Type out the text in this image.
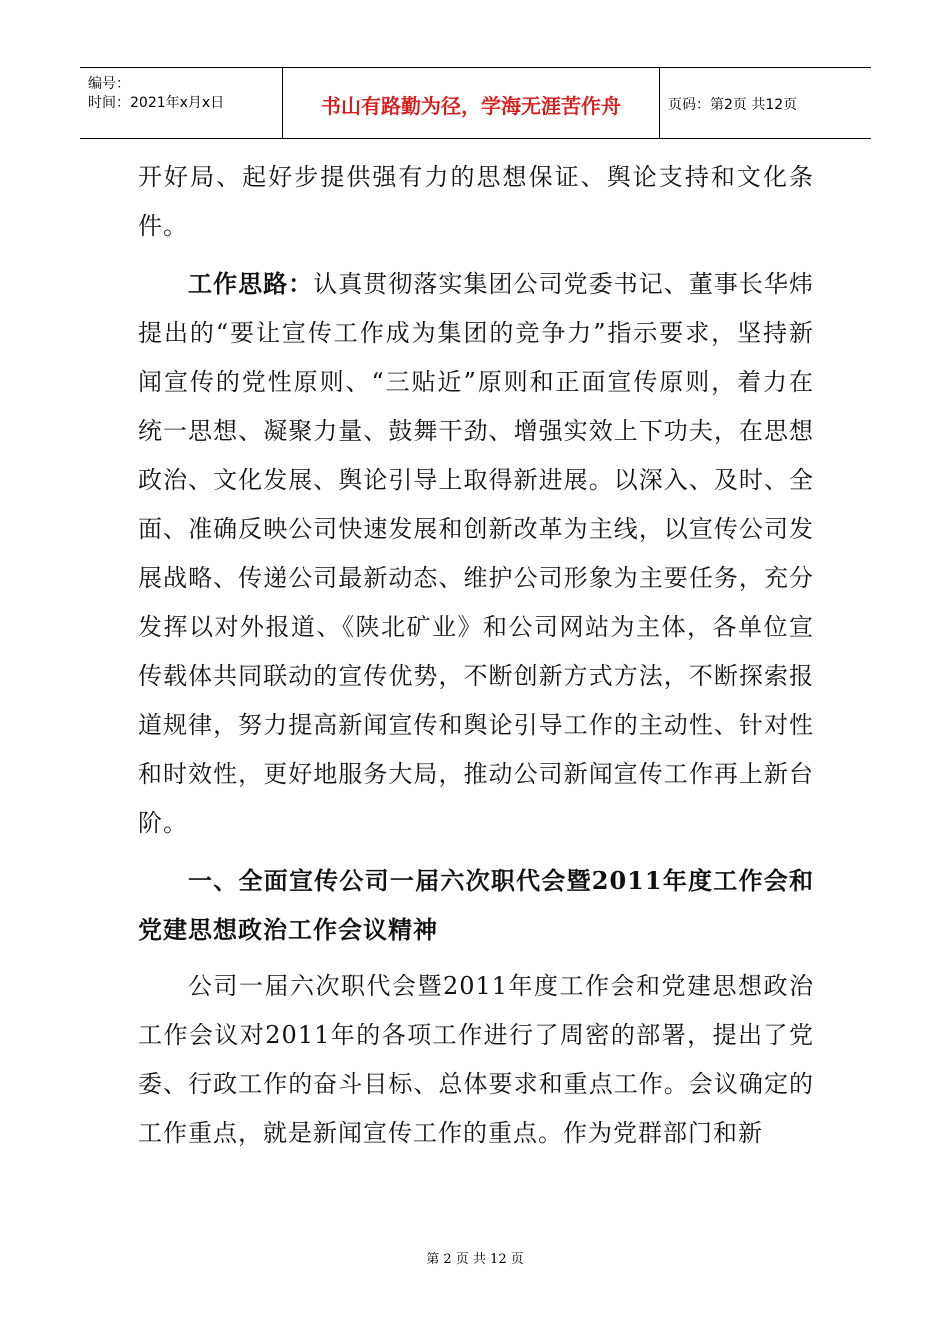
编号：
时间：2021年x月x日	书山有路勤为径，学海无涯苦作舟	页码：第2页 共12页

开好局、起好步提供强有力的思想保证、舆论支持和文化条件。

工作思路：认真贯彻落实集团公司党委书记、董事长华炜提出的“要让宣传工作成为集团的竞争力”指示要求，坚持新闻宣传的党性原则、“三贴近”原则和正面宣传原则，着力在统一思想、凝聚力量、鼓舞干劲、增强实效上下功夫，在思想政治、文化发展、舆论引导上取得新进展。以深入、及时、全面、准确反映公司快速发展和创新改革为主线，以宣传公司发展战略、传递公司最新动态、维护公司形象为主要任务，充分发挥以对外报道、《陕北矿业》和公司网站为主体，各单位宣传载体共同联动的宣传优势，不断创新方式方法，不断探索报道规律，努力提高新闻宣传和舆论引导工作的主动性、针对性和时效性，更好地服务大局，推动公司新闻宣传工作再上新台阶。

一、全面宣传公司一届六次职代会暨2011年度工作会和党建思想政治工作会议精神

公司一届六次职代会暨2011年度工作会和党建思想政治工作会议对2011年的各项工作进行了周密的部署，提出了党委、行政工作的奋斗目标、总体要求和重点工作。会议确定的工作重点，就是新闻宣传工作的重点。作为党群部门和新

第 2 页 共 12 页
